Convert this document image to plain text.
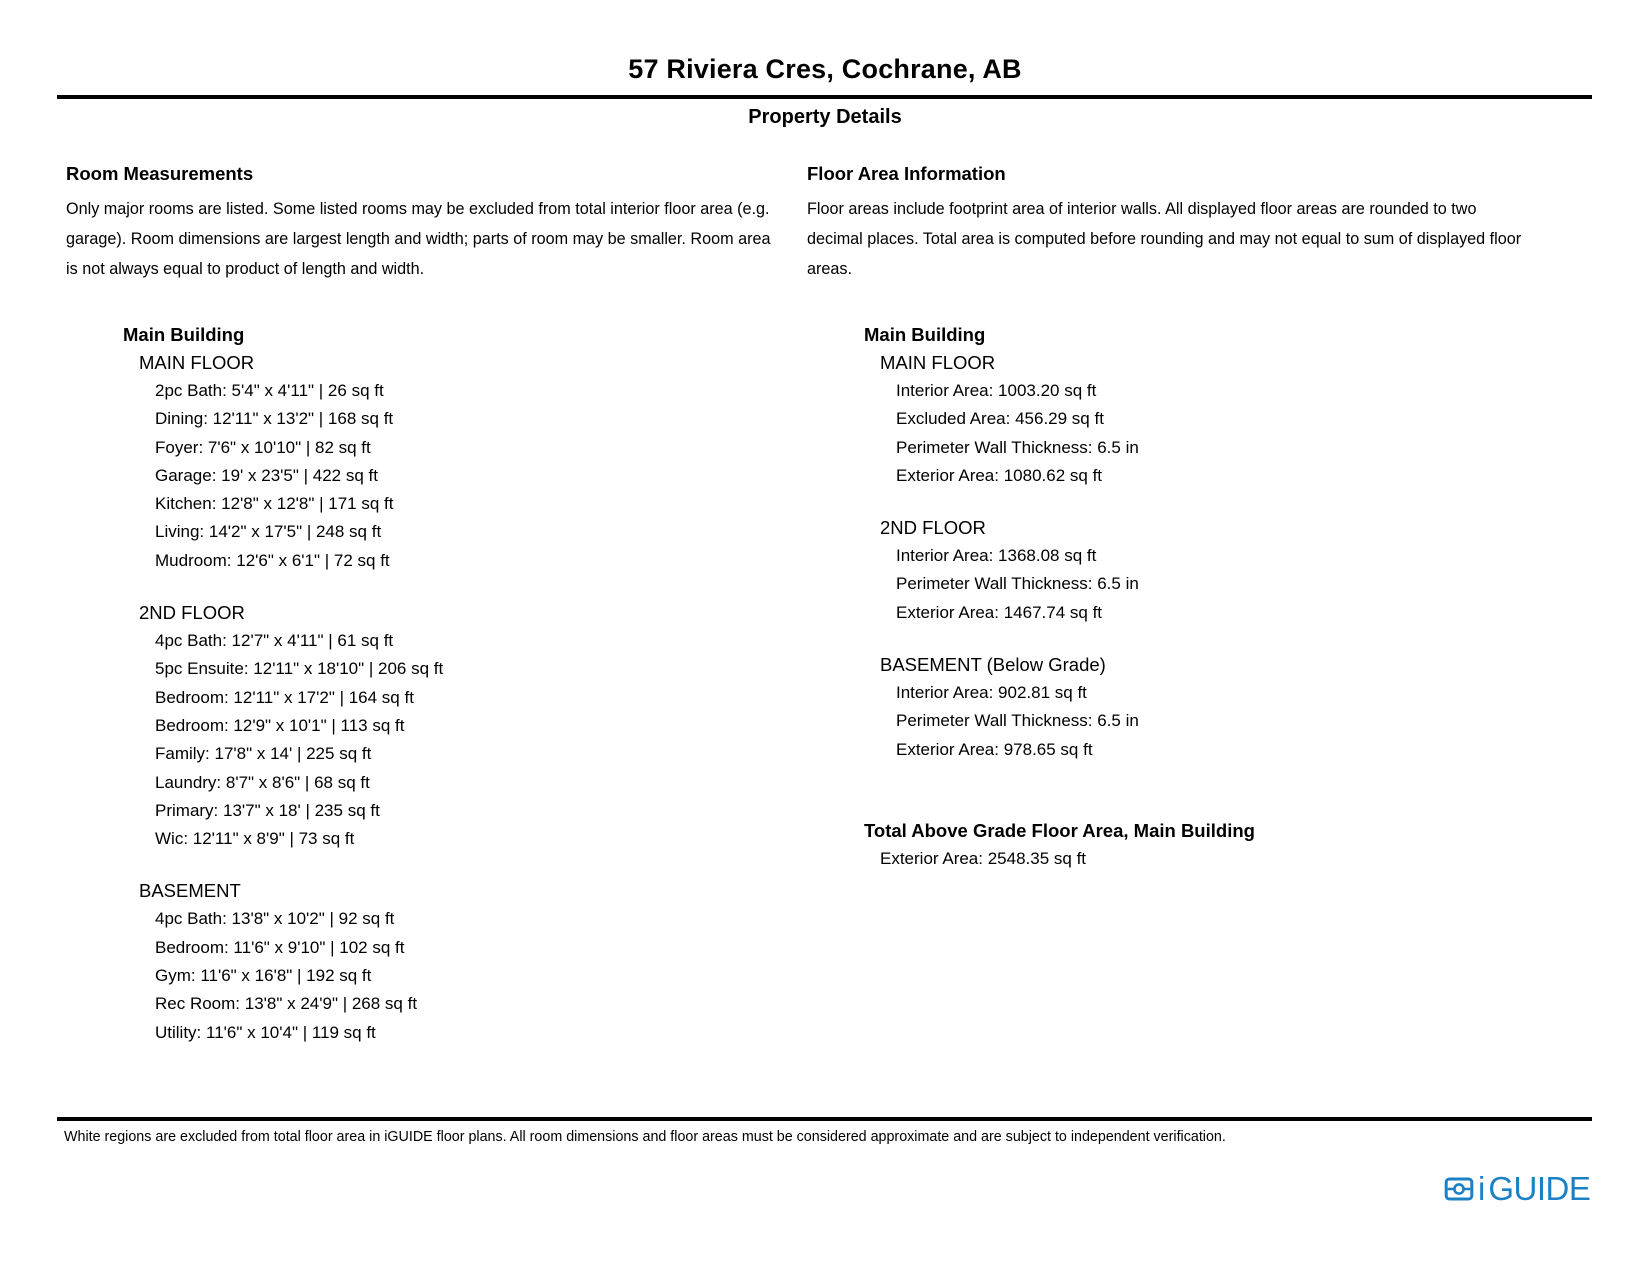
57 Riviera Cres, Cochrane, AB
Property Details
Room Measurements

Only major rooms are listed. Some listed rooms may be excluded from total interior floor area (e.g. garage). Room dimensions are largest length and width; parts of room may be smaller. Room area is not always equal to product of length and width.

Main Building
MAIN FLOOR
2pc Bath: 5'4" x 4'11" | 26 sq ft
Dining: 12'11" x 13'2" | 168 sq ft
Foyer: 7'6" x 10'10" | 82 sq ft
Garage: 19' x 23'5" | 422 sq ft
Kitchen: 12'8" x 12'8" | 171 sq ft
Living: 14'2" x 17'5" | 248 sq ft
Mudroom: 12'6" x 6'1" | 72 sq ft
2ND FLOOR
4pc Bath: 12'7" x 4'11" | 61 sq ft
5pc Ensuite: 12'11" x 18'10" | 206 sq ft
Bedroom: 12'11" x 17'2" | 164 sq ft
Bedroom: 12'9" x 10'1" | 113 sq ft
Family: 17'8" x 14' | 225 sq ft
Laundry: 8'7" x 8'6" | 68 sq ft
Primary: 13'7" x 18' | 235 sq ft
Wic: 12'11" x 8'9" | 73 sq ft
BASEMENT
4pc Bath: 13'8" x 10'2" | 92 sq ft
Bedroom: 11'6" x 9'10" | 102 sq ft
Gym: 11'6" x 16'8" | 192 sq ft
Rec Room: 13'8" x 24'9" | 268 sq ft
Utility: 11'6" x 10'4" | 119 sq ft
Floor Area Information

Floor areas include footprint area of interior walls. All displayed floor areas are rounded to two decimal places. Total area is computed before rounding and may not equal to sum of displayed floor areas.

Main Building
MAIN FLOOR
Interior Area: 1003.20 sq ft
Excluded Area: 456.29 sq ft
Perimeter Wall Thickness: 6.5 in
Exterior Area: 1080.62 sq ft
2ND FLOOR
Interior Area: 1368.08 sq ft
Perimeter Wall Thickness: 6.5 in
Exterior Area: 1467.74 sq ft
BASEMENT (Below Grade)
Interior Area: 902.81 sq ft
Perimeter Wall Thickness: 6.5 in
Exterior Area: 978.65 sq ft
Total Above Grade Floor Area, Main Building
Exterior Area: 2548.35 sq ft
White regions are excluded from total floor area in iGUIDE floor plans. All room dimensions and floor areas must be considered approximate and are subject to independent verification.
i GUIDE
